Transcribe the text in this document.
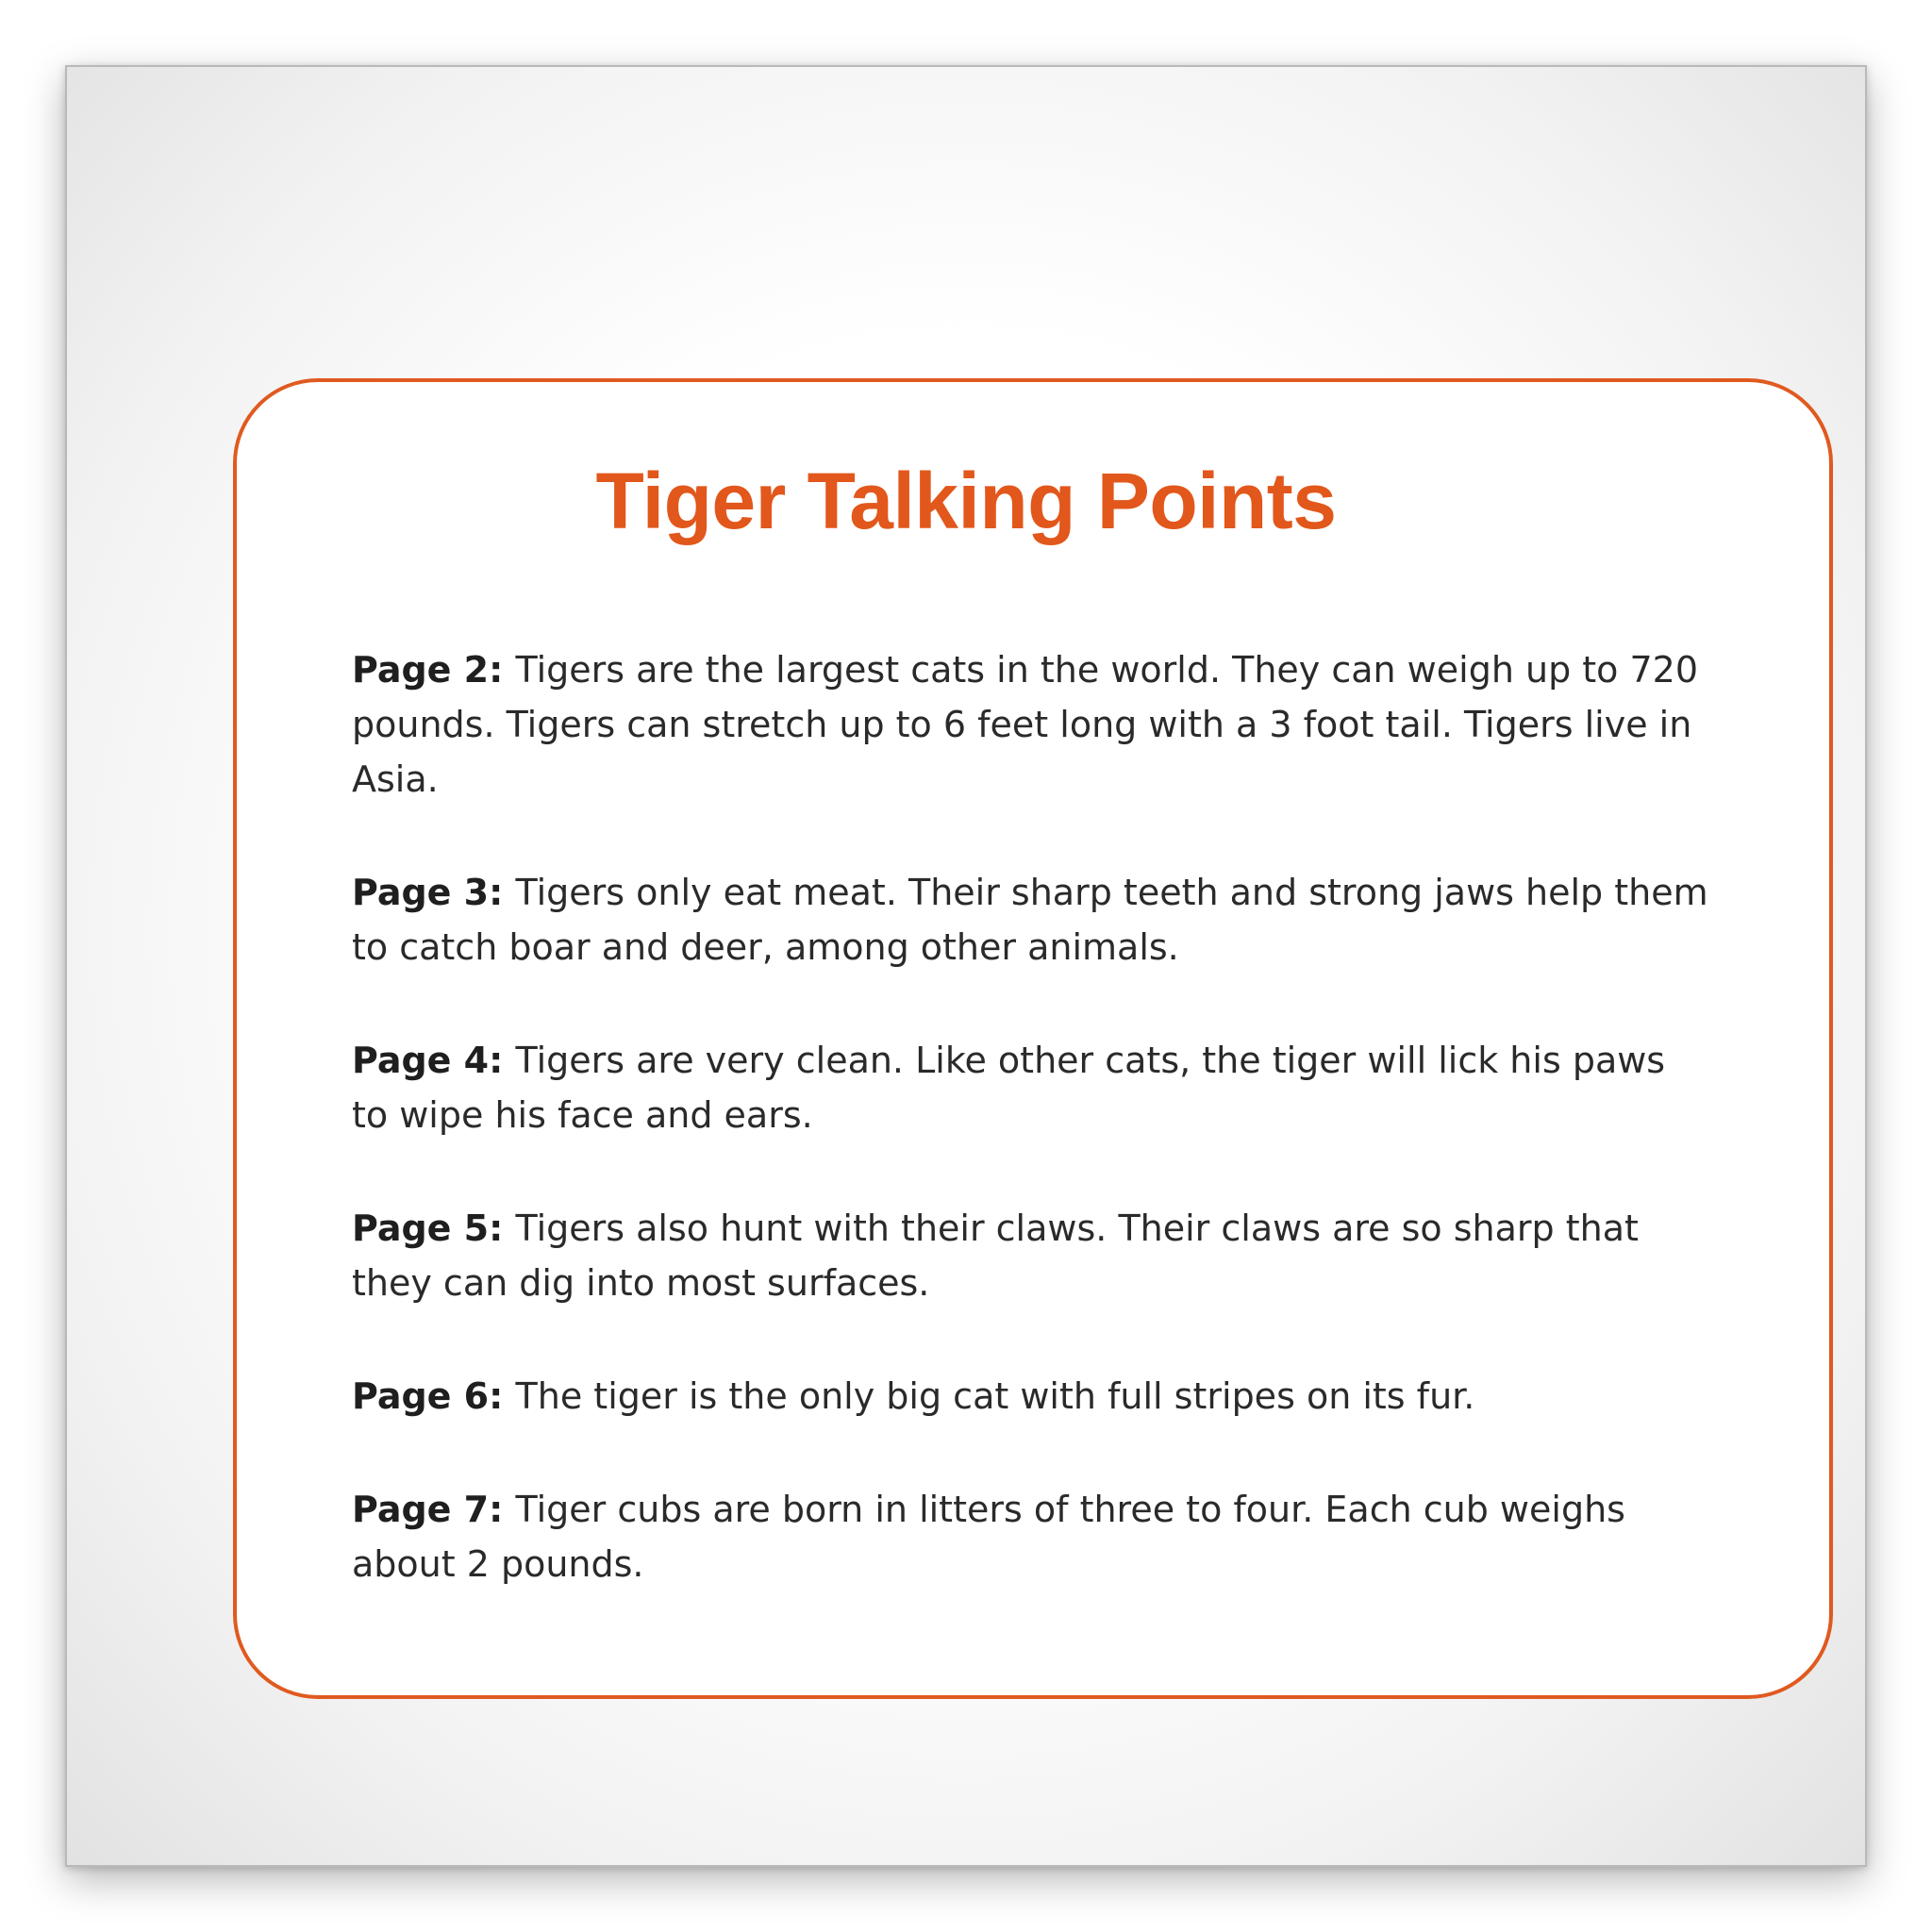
Tiger Talking Points
Page 2: Tigers are the largest cats in the world. They can weigh up to 720 pounds. Tigers can stretch up to 6 feet long with a 3 foot tail. Tigers live in Asia.
Page 3: Tigers only eat meat. Their sharp teeth and strong jaws help them to catch boar and deer, among other animals.
Page 4: Tigers are very clean. Like other cats, the tiger will lick his paws to wipe his face and ears.
Page 5: Tigers also hunt with their claws. Their claws are so sharp that they can dig into most surfaces.
Page 6: The tiger is the only big cat with full stripes on its fur.
Page 7: Tiger cubs are born in litters of three to four. Each cub weighs about 2 pounds.
